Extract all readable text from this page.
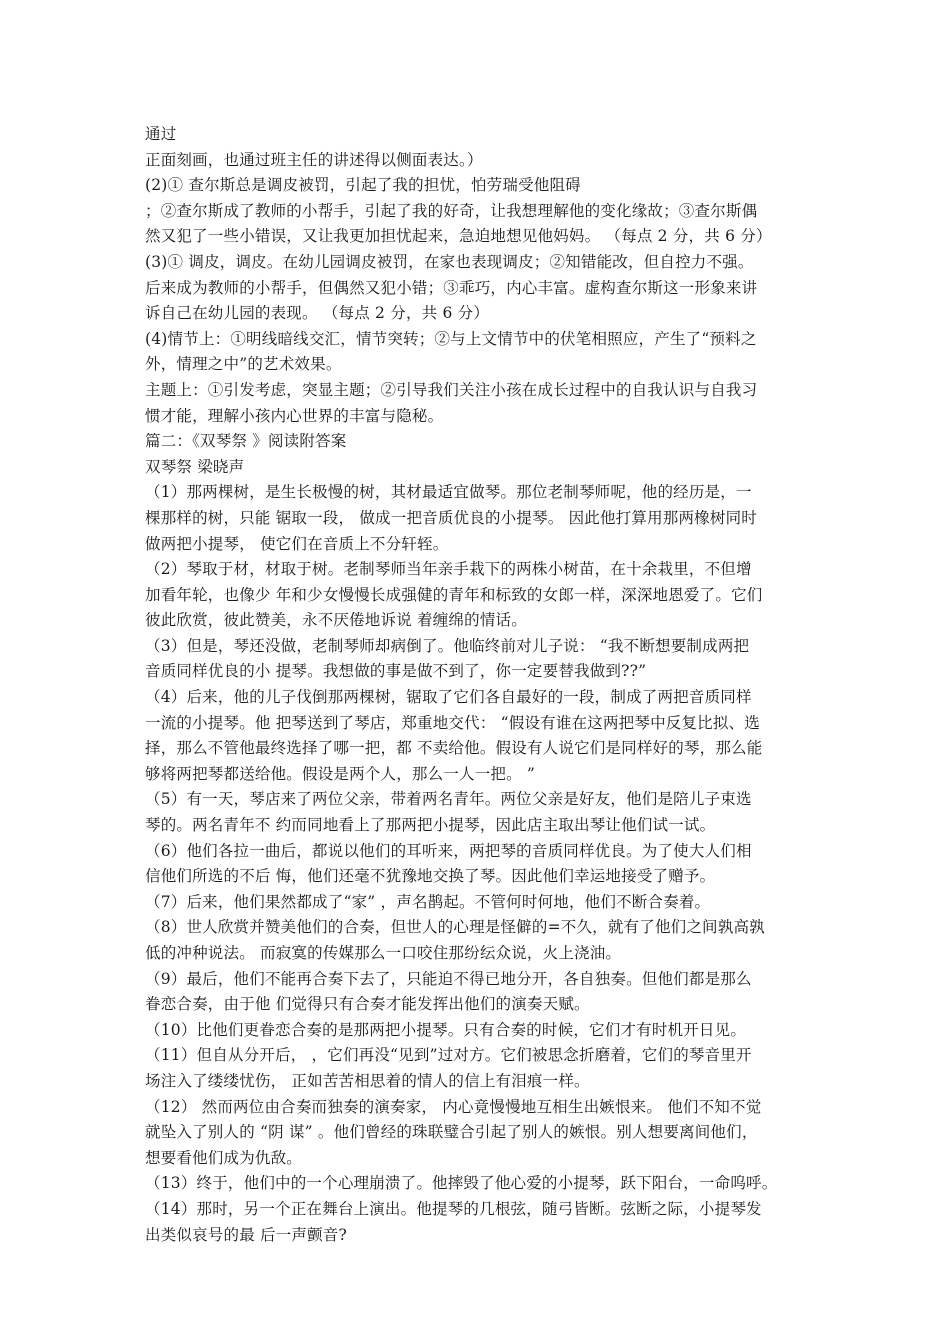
通过
正面刻画，也通过班主任的讲述得以侧面表达。）
(2)① 查尔斯总是调皮被罚，引起了我的担忧，怕劳瑞受他阻碍
；②查尔斯成了教师的小帮手，引起了我的好奇，让我想理解他的变化缘故；③查尔斯偶
然又犯了一些小错误，又让我更加担忧起来，急迫地想见他妈妈。 （每点 2 分，共 6 分）
(3)① 调皮，调皮。在幼儿园调皮被罚，在家也表现调皮；②知错能改，但自控力不强。
后来成为教师的小帮手，但偶然又犯小错；③乖巧，内心丰富。虚构查尔斯这一形象来讲
诉自己在幼儿园的表现。 （每点 2 分，共 6 分）
(4)情节上：①明线暗线交汇，情节突转；②与上文情节中的伏笔相照应，产生了“预料之
外，情理之中”的艺术效果。
主题上：①引发考虑，突显主题；②引导我们关注小孩在成长过程中的自我认识与自我习
惯才能，理解小孩内心世界的丰富与隐秘。
篇二：《双琴祭 》阅读附答案
双琴祭 梁晓声
（1）那两棵树，是生长极慢的树，其材最适宜做琴。那位老制琴师呢，他的经历是，一
棵那样的树，只能 锯取一段， 做成一把音质优良的小提琴。 因此他打算用那两橡树同时
做两把小提琴， 使它们在音质上不分轩轾。
（2）琴取于材，材取于树。老制琴师当年亲手栽下的两株小树苗，在十余栽里，不但增
加看年轮，也像少 年和少女慢慢长成强健的青年和标致的女郎一样，深深地恩爱了。它们
彼此欣赏，彼此赞美，永不厌倦地诉说 着缠绵的情话。
（3）但是，琴还没做，老制琴师却病倒了。他临终前对儿子说： “我不断想要制成两把
音质同样优良的小 提琴。我想做的事是做不到了，你一定要替我做到??”
（4）后来，他的儿子伐倒那两棵树，锯取了它们各自最好的一段，制成了两把音质同样
一流的小提琴。他 把琴送到了琴店，郑重地交代： “假设有谁在这两把琴中反复比拟、选
择，那么不管他最终选择了哪一把，都 不卖给他。假设有人说它们是同样好的琴，那么能
够将两把琴都送给他。假设是两个人，那么一人一把。 ”
（5）有一天，琴店来了两位父亲，带着两名青年。两位父亲是好友，他们是陪儿子束选
琴的。两名青年不 约而同地看上了那两把小提琴，因此店主取出琴让他们试一试。
（6）他们各拉一曲后，都说以他们的耳听来，两把琴的音质同样优良。为了使大人们相
信他们所选的不后 悔，他们还毫不犹豫地交换了琴。因此他们幸运地接受了赠予。
（7）后来，他们果然都成了“家” ，声名鹊起。不管何时何地，他们不断合奏着。
（8）世人欣赏并赞美他们的合奏，但世人的心理是怪僻的=不久，就有了他们之间孰高孰
低的冲种说法。 而寂寞的传媒那么一口咬住那纷纭众说，火上浇油。
（9）最后，他们不能再合奏下去了，只能迫不得已地分开，各自独奏。但他们都是那么
眷恋合奏，由于他 们觉得只有合奏才能发挥出他们的演奏天赋。
（10）比他们更眷恋合奏的是那两把小提琴。只有合奏的时候，它们才有时机开日见。
（11）但自从分开后， ，它们再没“见到”过对方。它们被思念折磨着，它们的琴音里开
场注入了缕缕忧伤， 正如苦苦相思着的情人的信上有泪痕一样。
（12） 然而两位由合奏而独奏的演奏家， 内心竟慢慢地互相生出嫉恨来。 他们不知不觉
就坠入了别人的 “阴 谋” 。他们曾经的珠联璧合引起了别人的嫉恨。别人想要离间他们，
想要看他们成为仇敌。
（13）终于，他们中的一个心理崩溃了。他摔毁了他心爱的小提琴，跃下阳台，一命呜呼。
（14）那时，另一个正在舞台上演出。他提琴的几根弦，随弓皆断。弦断之际，小提琴发
出类似哀号的最 后一声颤音?
